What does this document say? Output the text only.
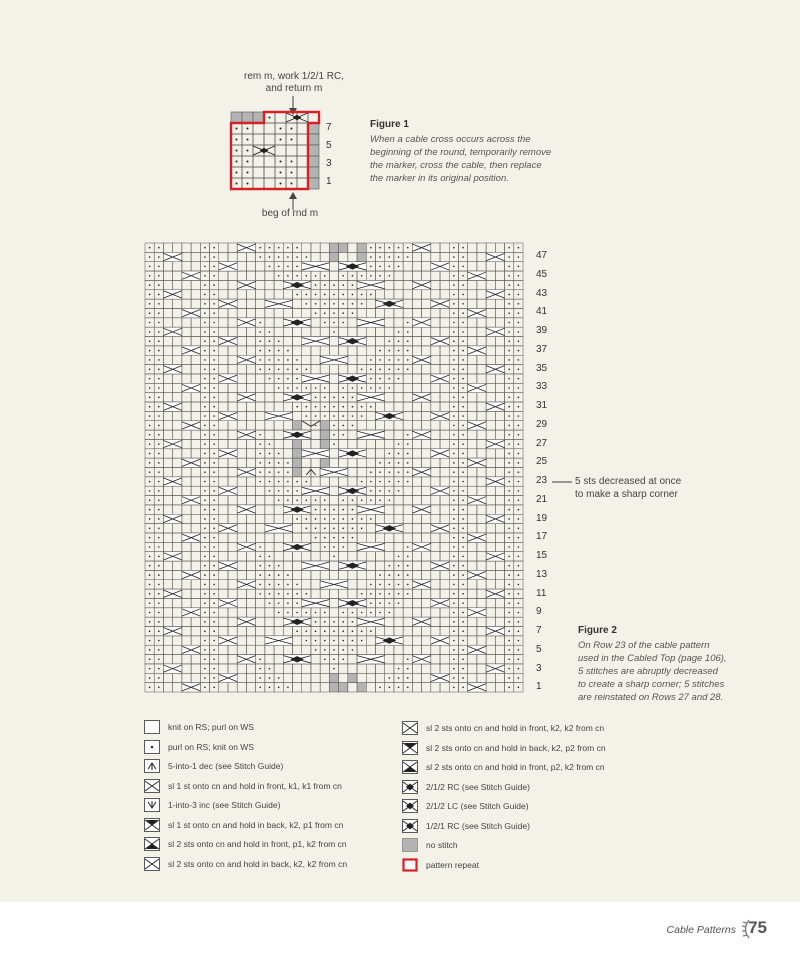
rem m, work 1/2/1 RC,
and return m
7
5
3
1
beg of rnd m
Figure 1
When a cable cross occurs across the
beginning of the round, temporarily remove
the marker, cross the cable, then replace
the marker in its original position.
47
45
43
41
39
37
35
33
31
29
27
25
23
21
19
17
15
13
11
9
7
5
3
1
5 sts decreased at once
to make a sharp corner
Figure 2
On Row 23 of the cable pattern
used in the Cabled Top (page 106),
5 stitches are abruptly decreased
to create a sharp corner; 5 stitches
are reinstated on Rows 27 and 28.
knit on RS; purl on WS
purl on RS; knit on WS
5-into-1 dec (see Stitch Guide)
sl 1 st onto cn and hold in front, k1, k1 from cn
1-into-3 inc (see Stitch Guide)
sl 1 st onto cn and hold in back, k2, p1 from cn
sl 2 sts onto cn and hold in front, p1, k2 from cn
sl 2 sts onto cn and hold in back, k2, k2 from cn
sl 2 sts onto cn and hold in front, k2, k2 from cn
sl 2 sts onto cn and hold in back, k2, p2 from cn
sl 2 sts onto cn and hold in front, p2, k2 from cn
2/1/2 RC (see Stitch Guide)
2/1/2 LC (see Stitch Guide)
1/2/1 RC (see Stitch Guide)
no stitch
pattern repeat
Cable Patterns 75
